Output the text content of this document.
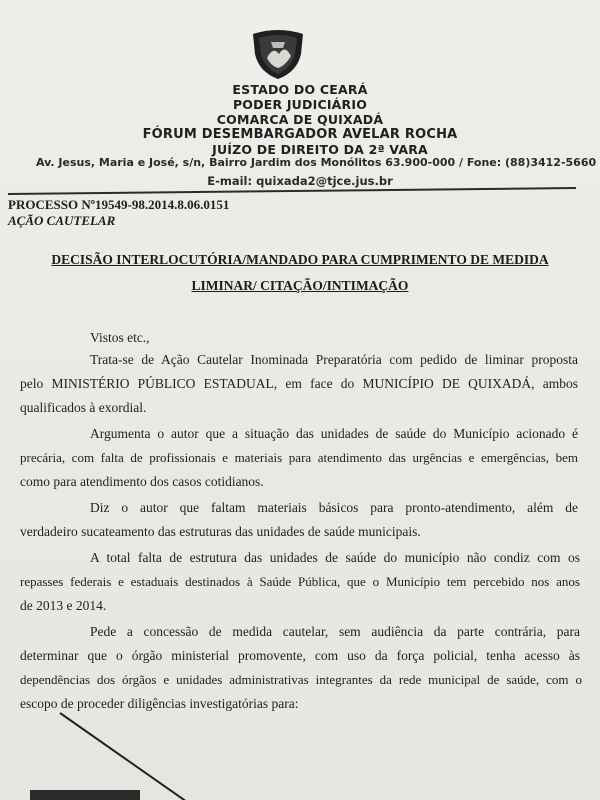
ESTADO DO CEARÁ
PODER JUDICIÁRIO
COMARCA DE QUIXADÁ
FÓRUM DESEMBARGADOR AVELAR ROCHA
JUÍZO DE DIREITO DA 2ª VARA
Av. Jesus, Maria e José, s/n, Bairro Jardim dos Monólitos 63.900-000 / Fone: (88)3412-5660
E-mail: quixada2@tjce.jus.br
PROCESSO Nº19549-98.2014.8.06.0151
AÇÃO CAUTELAR
DECISÃO INTERLOCUTÓRIA/MANDADO PARA CUMPRIMENTO DE MEDIDA
LIMINAR/ CITAÇÃO/INTIMAÇÃO
Vistos etc.,
Trata-se de Ação Cautelar Inominada Preparatória com pedido de liminar proposta
pelo MINISTÉRIO PÚBLICO ESTADUAL, em face do MUNICÍPIO DE QUIXADÁ, ambos
qualificados à exordial.
Argumenta o autor que a situação das unidades de saúde do Município acionado é
precária, com falta de profissionais e materiais para atendimento das urgências e emergências, bem
como para atendimento dos casos cotidianos.
Diz o autor que faltam materiais básicos para pronto-atendimento, além de
verdadeiro sucateamento das estruturas das unidades de saúde municipais.
A total falta de estrutura das unidades de saúde do município não condiz com os
repasses federais e estaduais destinados à Saúde Pública, que o Município tem percebido nos anos
de 2013 e 2014.
Pede a concessão de medida cautelar, sem audiência da parte contrária, para
determinar que o órgão ministerial promovente, com uso da força policial, tenha acesso às
dependências dos órgãos e unidades administrativas integrantes da rede municipal de saúde, com o
escopo de proceder diligências investigatórias para:
